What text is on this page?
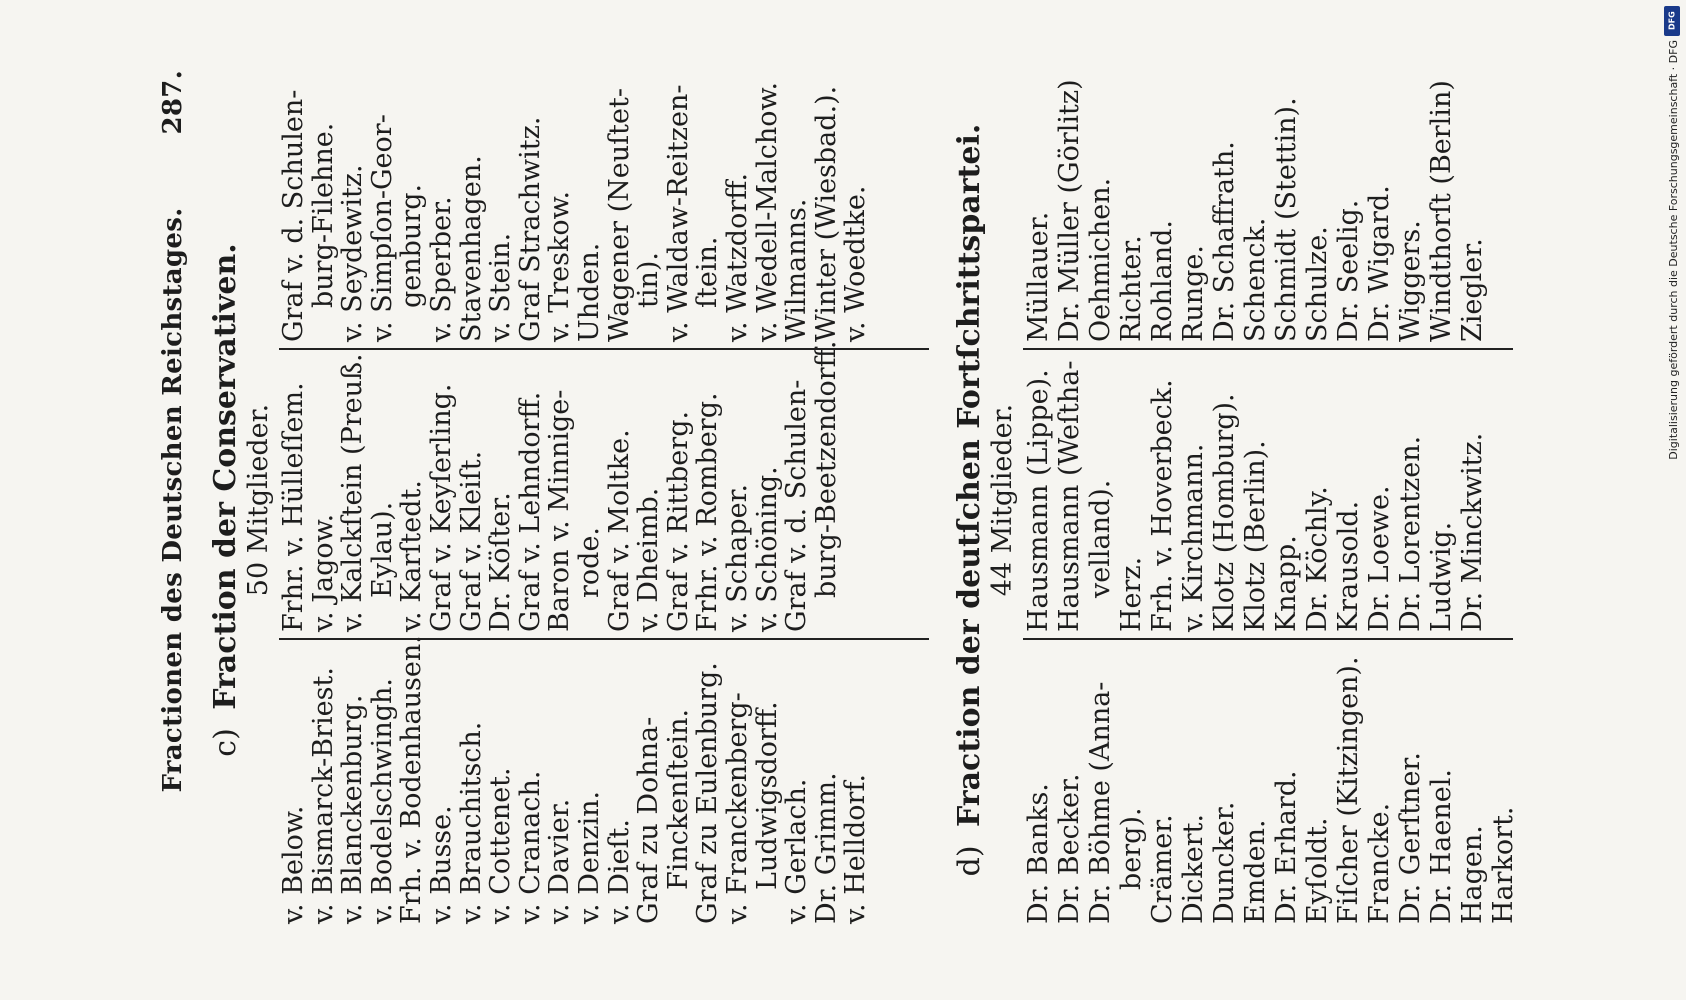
Fractionen des Deutschen Reichstages.
287.
c) Fraction der Conservativen. 50 Mitglieder.
v. Below.
v. Bismarck-Briest.
v. Blanckenburg.
v. Bodelschwingh.
Frh. v. Bodenhausen.
v. Busse.
v. Brauchitsch.
v. Cottenet.
v. Cranach.
v. Davier.
v. Denzin.
v. Dieſt.
Graf zu Dohna-
Finckenſtein.
Graf zu Eulenburg.
v. Franckenberg-
Ludwigsdorff.
v. Gerlach.
Dr. Grimm.
v. Helldorf.
Frhr. v. Hülleſſem.
v. Jagow.
v. Kalckſtein (Preuß.
Eylau).
v. Karſtedt.
Graf v. Keyſerling.
Graf v. Kleiſt.
Dr. Köſter.
Graf v. Lehndorff.
Baron v. Minnige-
rode.
Graf v. Moltke.
v. Dheimb.
Graf v. Rittberg.
Frhr. v. Romberg.
v. Schaper.
v. Schöning.
Graf v. d. Schulen-
burg-Beetzendorff.
Graf v. d. Schulen-
burg-Filehne.
v. Seydewitz.
v. Simpſon-Geor-
genburg.
v. Sperber.
Stavenhagen.
v. Stein.
Graf Strachwitz.
v. Treskow.
Uhden.
Wagener (Neuſtet-
tin).
v. Waldaw-Reitzen-
ſtein.
v. Watzdorff.
v. Wedell-Malchow.
Wilmanns.
Winter (Wiesbad.).
v. Woedtke.
d) Fraction der deutſchen Fortſchrittspartei. 44 Mitglieder.
Dr. Banks. Dr. Becker. Dr. Böhme (Anna- berg). Crämer. Dickert. Duncker. Emden. Dr. Erhard. Eyſoldt. Fiſcher (Kitzingen). Francke. Dr. Gerſtner. Dr. Haenel. Hagen. Harkort.
Hausmann (Lippe). Hausmann (Weſtha- velland). Herz. Frh. v. Hoverbeck. v. Kirchmann. Klotz (Homburg). Klotz (Berlin). Knapp. Dr. Köchly. Krausold. Dr. Loewe. Dr. Lorentzen. Ludwig. Dr. Minckwitz.
Müllauer. Dr. Müller (Görlitz) Oehmichen. Richter. Rohland. Runge. Dr. Schaffrath. Schenck. Schmidt (Stettin). Schulze. Dr. Seelig. Dr. Wigard. Wiggers. Windthorſt (Berlin) Ziegler.	Digitalisierung gefördert durch die Deutsche Forschungsgemeinschaft · DFG
DFG
